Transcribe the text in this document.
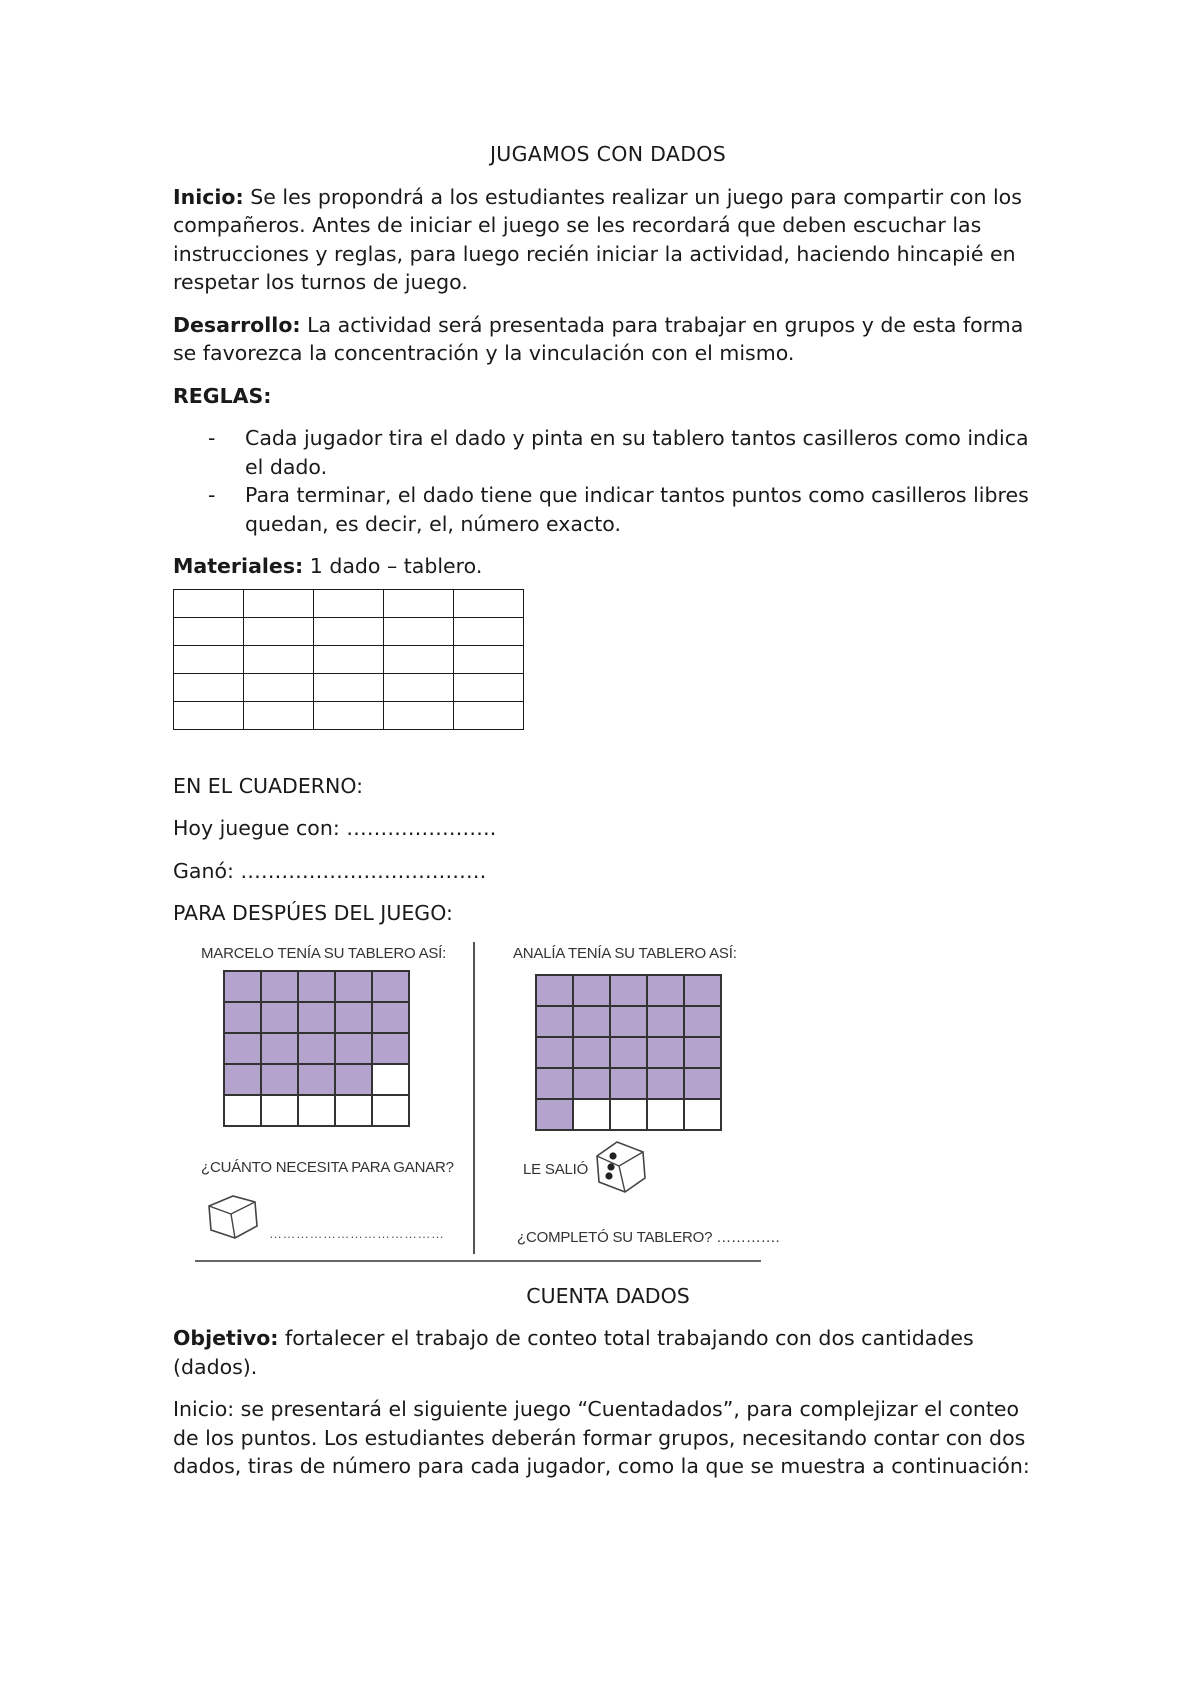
JUGAMOS CON DADOS

Inicio: Se les propondrá a los estudiantes realizar un juego para compartir con los compañeros. Antes de iniciar el juego se les recordará que deben escuchar las instrucciones y reglas, para luego recién iniciar la actividad, haciendo hincapié en respetar los turnos de juego.

Desarrollo: La actividad será presentada para trabajar en grupos y de esta forma se favorezca la concentración y la vinculación con el mismo.

REGLAS:

- Cada jugador tira el dado y pinta en su tablero tantos casilleros como indica el dado.
- Para terminar, el dado tiene que indicar tantos puntos como casilleros libres quedan, es decir, el, número exacto.

Materiales: 1 dado – tablero.

EN EL CUADERNO:

Hoy juegue con: ………………….

Ganó: ………………………………

PARA DESPÚES DEL JUEGO:

MARCELO TENÍA SU TABLERO ASÍ:	ANALÍA TENÍA SU TABLERO ASÍ:
¿CUÁNTO NECESITA PARA GANAR?
…………………………………
LE SALIÓ
¿COMPLETÓ SU TABLERO? ………….
CUENTA DADOS

Objetivo: fortalecer el trabajo de conteo total trabajando con dos cantidades (dados).

Inicio: se presentará el siguiente juego “Cuentadados”, para complejizar el conteo de los puntos. Los estudiantes deberán formar grupos, necesitando contar con dos dados, tiras de número para cada jugador, como la que se muestra a continuación:
